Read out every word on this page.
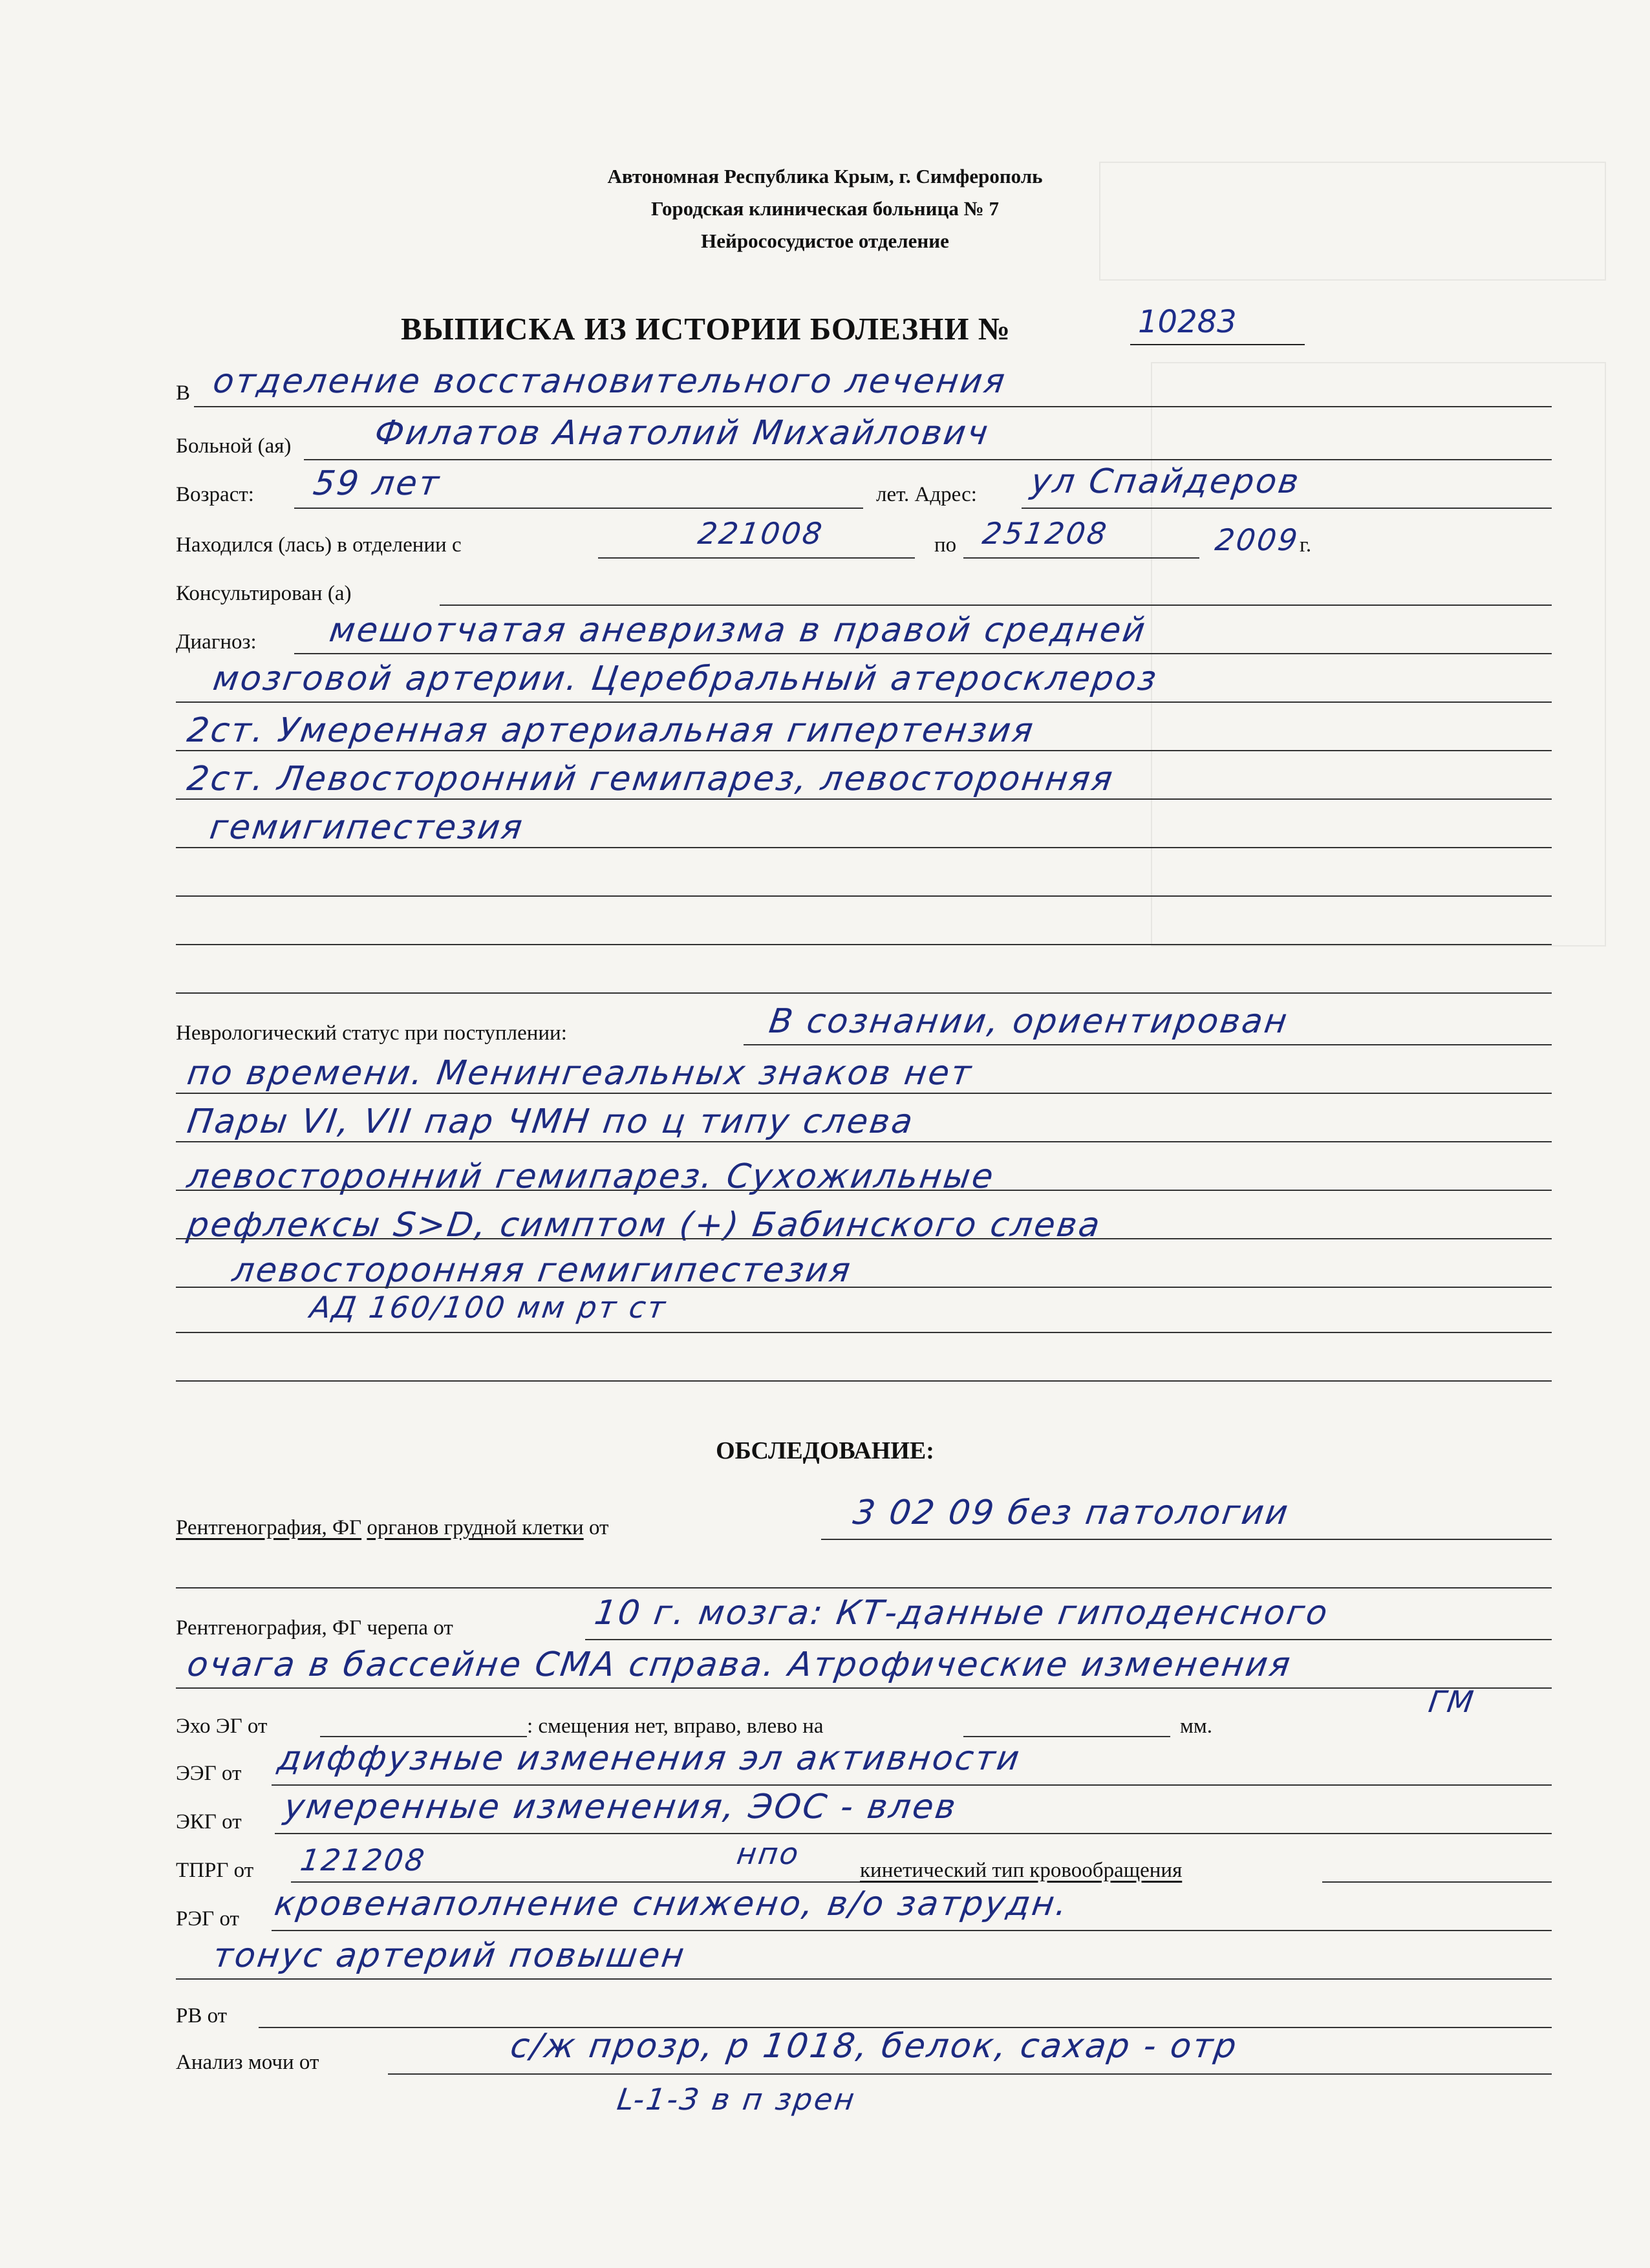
Автономная Республика Крым, г. Симферополь
Городская клиническая больница № 7
Нейрососудистое отделение
ВЫПИСКА ИЗ ИСТОРИИ БОЛЕЗНИ №	10283
В отделение восстановительного лечения
Больной (ая) Филатов Анатолий Михайлович
Возраст: 59 лет	лет. Адрес: ул Спайдеров
Находился (лась) в отделении с	221008	по 251208	2009
г.
Консультирован (а)
Диагноз: мешотчатая аневризма в правой средней
мозговой артерии. Церебральный атеросклероз
2ст. Умеренная артериальная гипертензия
2ст. Левосторонний гемипарез, левосторонняя
гемигипестезия
Неврологический статус при поступлении:	В сознании, ориентирован
по времени. Менингеальных знаков нет
Пары VI, VII пар ЧМН по ц типу слева
левосторонний гемипарез. Сухожильные
рефлексы S>D, симптом (+) Бабинского слева
левосторонняя гемигипестезия
АД 160/100 мм рт ст
ОБСЛЕДОВАНИЕ:
Рентгенография, ФГ органов грудной клетки от	3 02 09 без патологии
Рентгенография, ФГ черепа от	10 г. мозга: КТ-данные гиподенсного
очага в бассейне СМА справа. Атрофические изменения
ГМ
Эхо ЭГ от	: смещения нет, вправо, влево на	мм.
ЭЭГ от диффузные изменения эл активности
ЭКГ от умеренные изменения, ЭОС - влев
ТПРГ от 121208	нпо	кинетический тип кровообращения
РЭГ от кровенаполнение снижено, в/о затрудн.
тонус артерий повышен
РВ от
Анализ мочи от	с/ж прозр, р 1018, белок, сахар - отр
L-1-3 в п зрен
